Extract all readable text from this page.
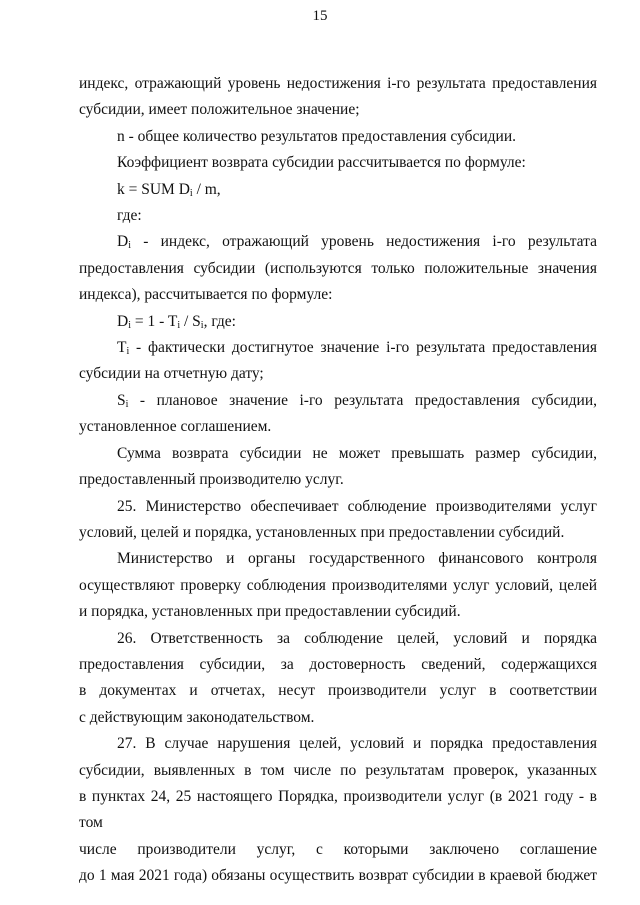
15
индекс, отражающий уровень недостижения i-го результата предоставления
субсидии, имеет положительное значение;
n - общее количество результатов предоставления субсидии.
Коэффициент возврата субсидии рассчитывается по формуле:
k = SUM $D_i$ / m,
где:
$D_i$ - индекс, отражающий уровень недостижения i-го результата
предоставления субсидии (используются только положительные значения
индекса), рассчитывается по формуле:
$D_i = 1 - T_i / S_i$, где:
$T_i$ - фактически достигнутое значение i-го результата предоставления
субсидии на отчетную дату;
$S_i$ - плановое значение i-го результата предоставления субсидии,
установленное соглашением.
Сумма возврата субсидии не может превышать размер субсидии,
предоставленный производителю услуг.
25. Министерство обеспечивает соблюдение производителями услуг
условий, целей и порядка, установленных при предоставлении субсидий.
Министерство и органы государственного финансового контроля
осуществляют проверку соблюдения производителями услуг условий, целей
и порядка, установленных при предоставлении субсидий.
26. Ответственность за соблюдение целей, условий и порядка
предоставления субсидии, за достоверность сведений, содержащихся
в документах и отчетах, несут производители услуг в соответствии
с действующим законодательством.
27. В случае нарушения целей, условий и порядка предоставления
субсидии, выявленных в том числе по результатам проверок, указанных
в пунктах 24, 25 настоящего Порядка, производители услуг (в 2021 году - в том
числе производители услуг, с которыми заключено соглашение
до 1 мая 2021 года) обязаны осуществить возврат субсидии в краевой бюджет
